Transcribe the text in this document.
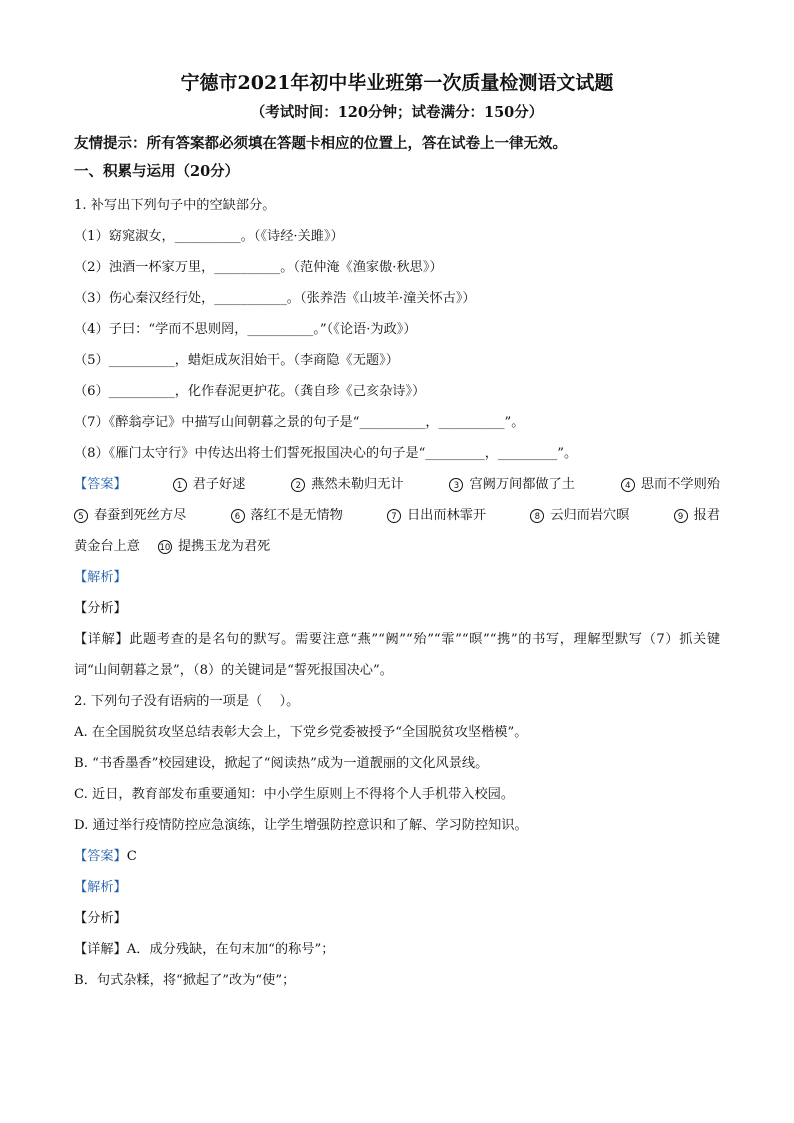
宁德市2021年初中毕业班第一次质量检测语文试题
（考试时间：120分钟；试卷满分：150分）
友情提示：所有答案都必须填在答题卡相应的位置上，答在试卷上一律无效。
一、积累与运用（20分）
1. 补写出下列句子中的空缺部分。
（1）窈窕淑女，__________。（《诗经·关雎》）
（2）浊酒一杯家万里，__________。（范仲淹《渔家傲·秋思》）
（3）伤心秦汉经行处，___________。（张养浩《山坡羊·潼关怀古》）
（4）子曰：“学而不思则罔，__________。”（《论语·为政》）
（5）__________，蜡炬成灰泪始干。（李商隐《无题》）
（6）__________，化作春泥更护花。（龚自珍《己亥杂诗》）
（7）《醉翁亭记》中描写山间朝暮之景的句子是“__________，__________”。
（8）《雁门太守行》中传达出将士们誓死报国决心的句子是“_________，_________”。
【答案】	1 君子好逑	2 燕然未勒归无计	3 宫阙万间都做了土	4 思而不学则殆
5 春蚕到死丝方尽	6 落红不是无情物	7 日出而林霏开	8 云归而岩穴暝	9 报君
黄金台上意 10 提携玉龙为君死
【解析】
【分析】
【详解】此题考查的是名句的默写。需要注意“燕”“阙”“殆”“霏”“暝”“携”的书写，理解型默写（7）抓关键词“山间朝暮之景”，（8）的关键词是“誓死报国决心”。
2. 下列句子没有语病的一项是（　 ）。
A. 在全国脱贫攻坚总结表彰大会上，下党乡党委被授予“全国脱贫攻坚楷模”。
B. “书香墨香”校园建设，掀起了“阅读热”成为一道靓丽的文化风景线。
C. 近日，教育部发布重要通知：中小学生原则上不得将个人手机带入校园。
D. 通过举行疫情防控应急演练，让学生增强防控意识和了解、学习防控知识。
【答案】C
【解析】
【分析】
【详解】A．成分残缺，在句末加“的称号”；
B．句式杂糅，将“掀起了”改为“使”；
